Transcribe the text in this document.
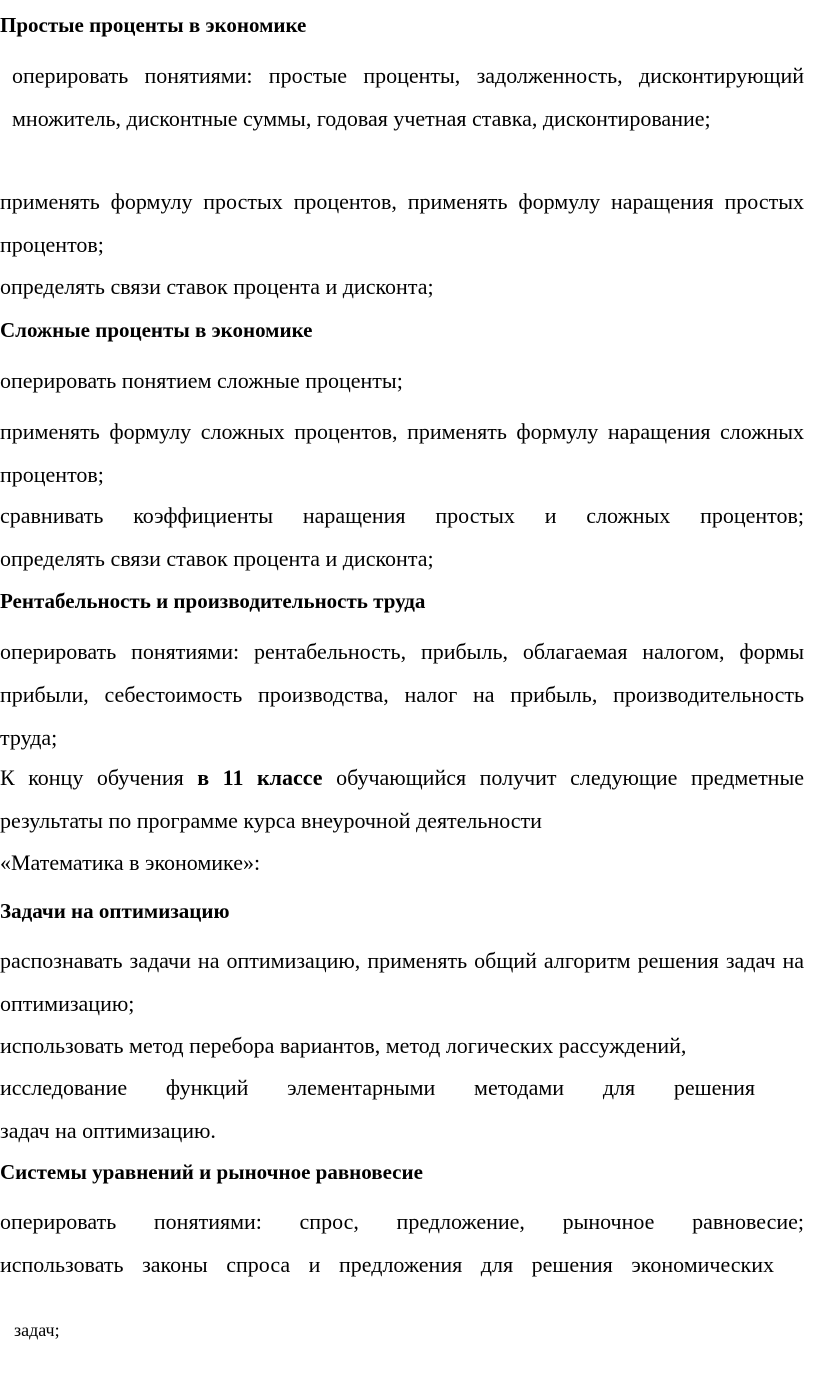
Простые проценты в экономике

оперировать понятиями: простые проценты, задолженность, дисконтирующий множитель, дисконтные суммы, годовая учетная ставка, дисконтирование;

применять формулу простых процентов, применять формулу наращения простых процентов;

определять связи ставок процента и дисконта;

Сложные проценты в экономике

оперировать понятием сложные проценты;

применять формулу сложных процентов, применять формулу наращения сложных процентов;

сравнивать коэффициенты наращения простых и сложных процентов;

определять связи ставок процента и дисконта;

Рентабельность и производительность труда

оперировать понятиями: рентабельность, прибыль, облагаемая налогом, формы прибыли, себестоимость производства, налог на прибыль, производительность труда;

К концу обучения в 11 классе обучающийся получит следующие предметные результаты по программе курса внеурочной деятельности

«Математика в экономике»:

Задачи на оптимизацию

распознавать задачи на оптимизацию, применять общий алгоритм решения задач на оптимизацию;

использовать метод перебора вариантов, метод логических рассуждений,

исследование функций элементарными методами для решения

задач на оптимизацию.

Системы уравнений и рыночное равновесие

оперировать понятиями: спрос, предложение, рыночное равновесие;

использовать законы спроса и предложения для решения экономических

задач;
